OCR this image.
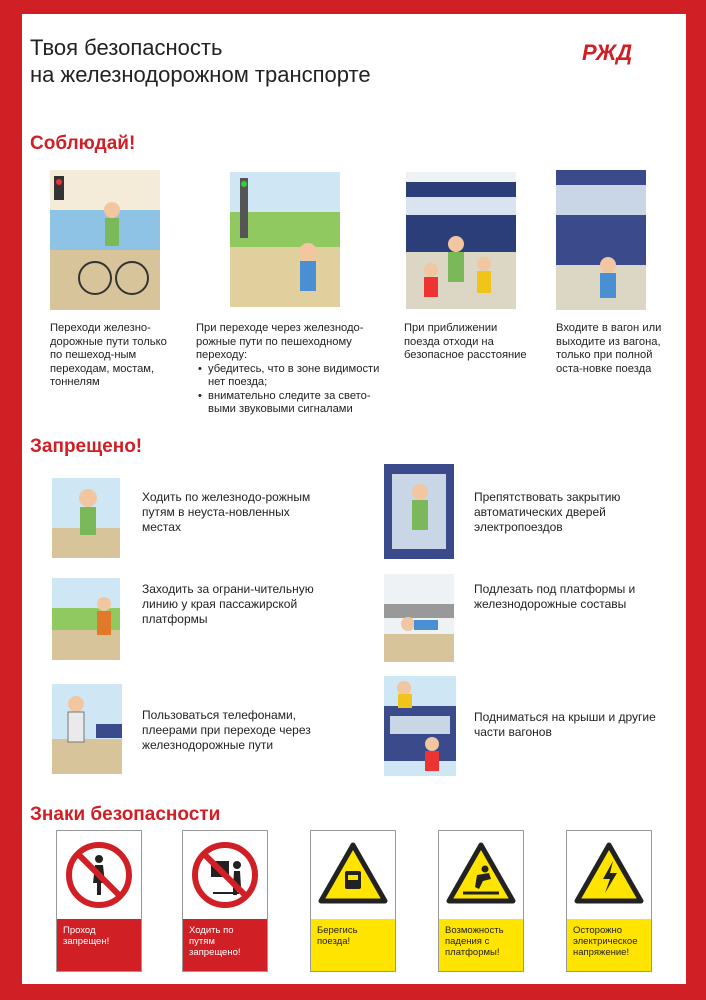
Твоя безопасность
на железнодорожном транспорте
РЖД
Соблюдай!
Переходи железно-дорожные пути только по пешеход-ным переходам, мостам, тоннелям
При переходе через железнодо-рожные пути по пешеходному переходу:
• убедитесь, что в зоне видимости нет поезда;
• внимательно следите за свето-выми звуковыми сигналами
При приближении поезда отходи на безопасное расстояние
Входите в вагон или выходите из вагона, только при полной оста-новке поезда
Запрещено!
Ходить по железнодо-рожным путям в неуста-новленных местах
Препятствовать закрытию автоматических дверей электропоездов
Заходить за ограни-чительную линию у края пассажирской платформы
Подлезать под платформы и железнодорожные составы
Пользоваться телефонами, плеерами при переходе через железнодорожные пути
Подниматься на крыши и другие части вагонов
Знаки безопасности
Проход запрещен!
Ходить по путям запрещено!
Берегись поезда!
Возможность падения с платформы!
Осторожно электрическое напряжение!
